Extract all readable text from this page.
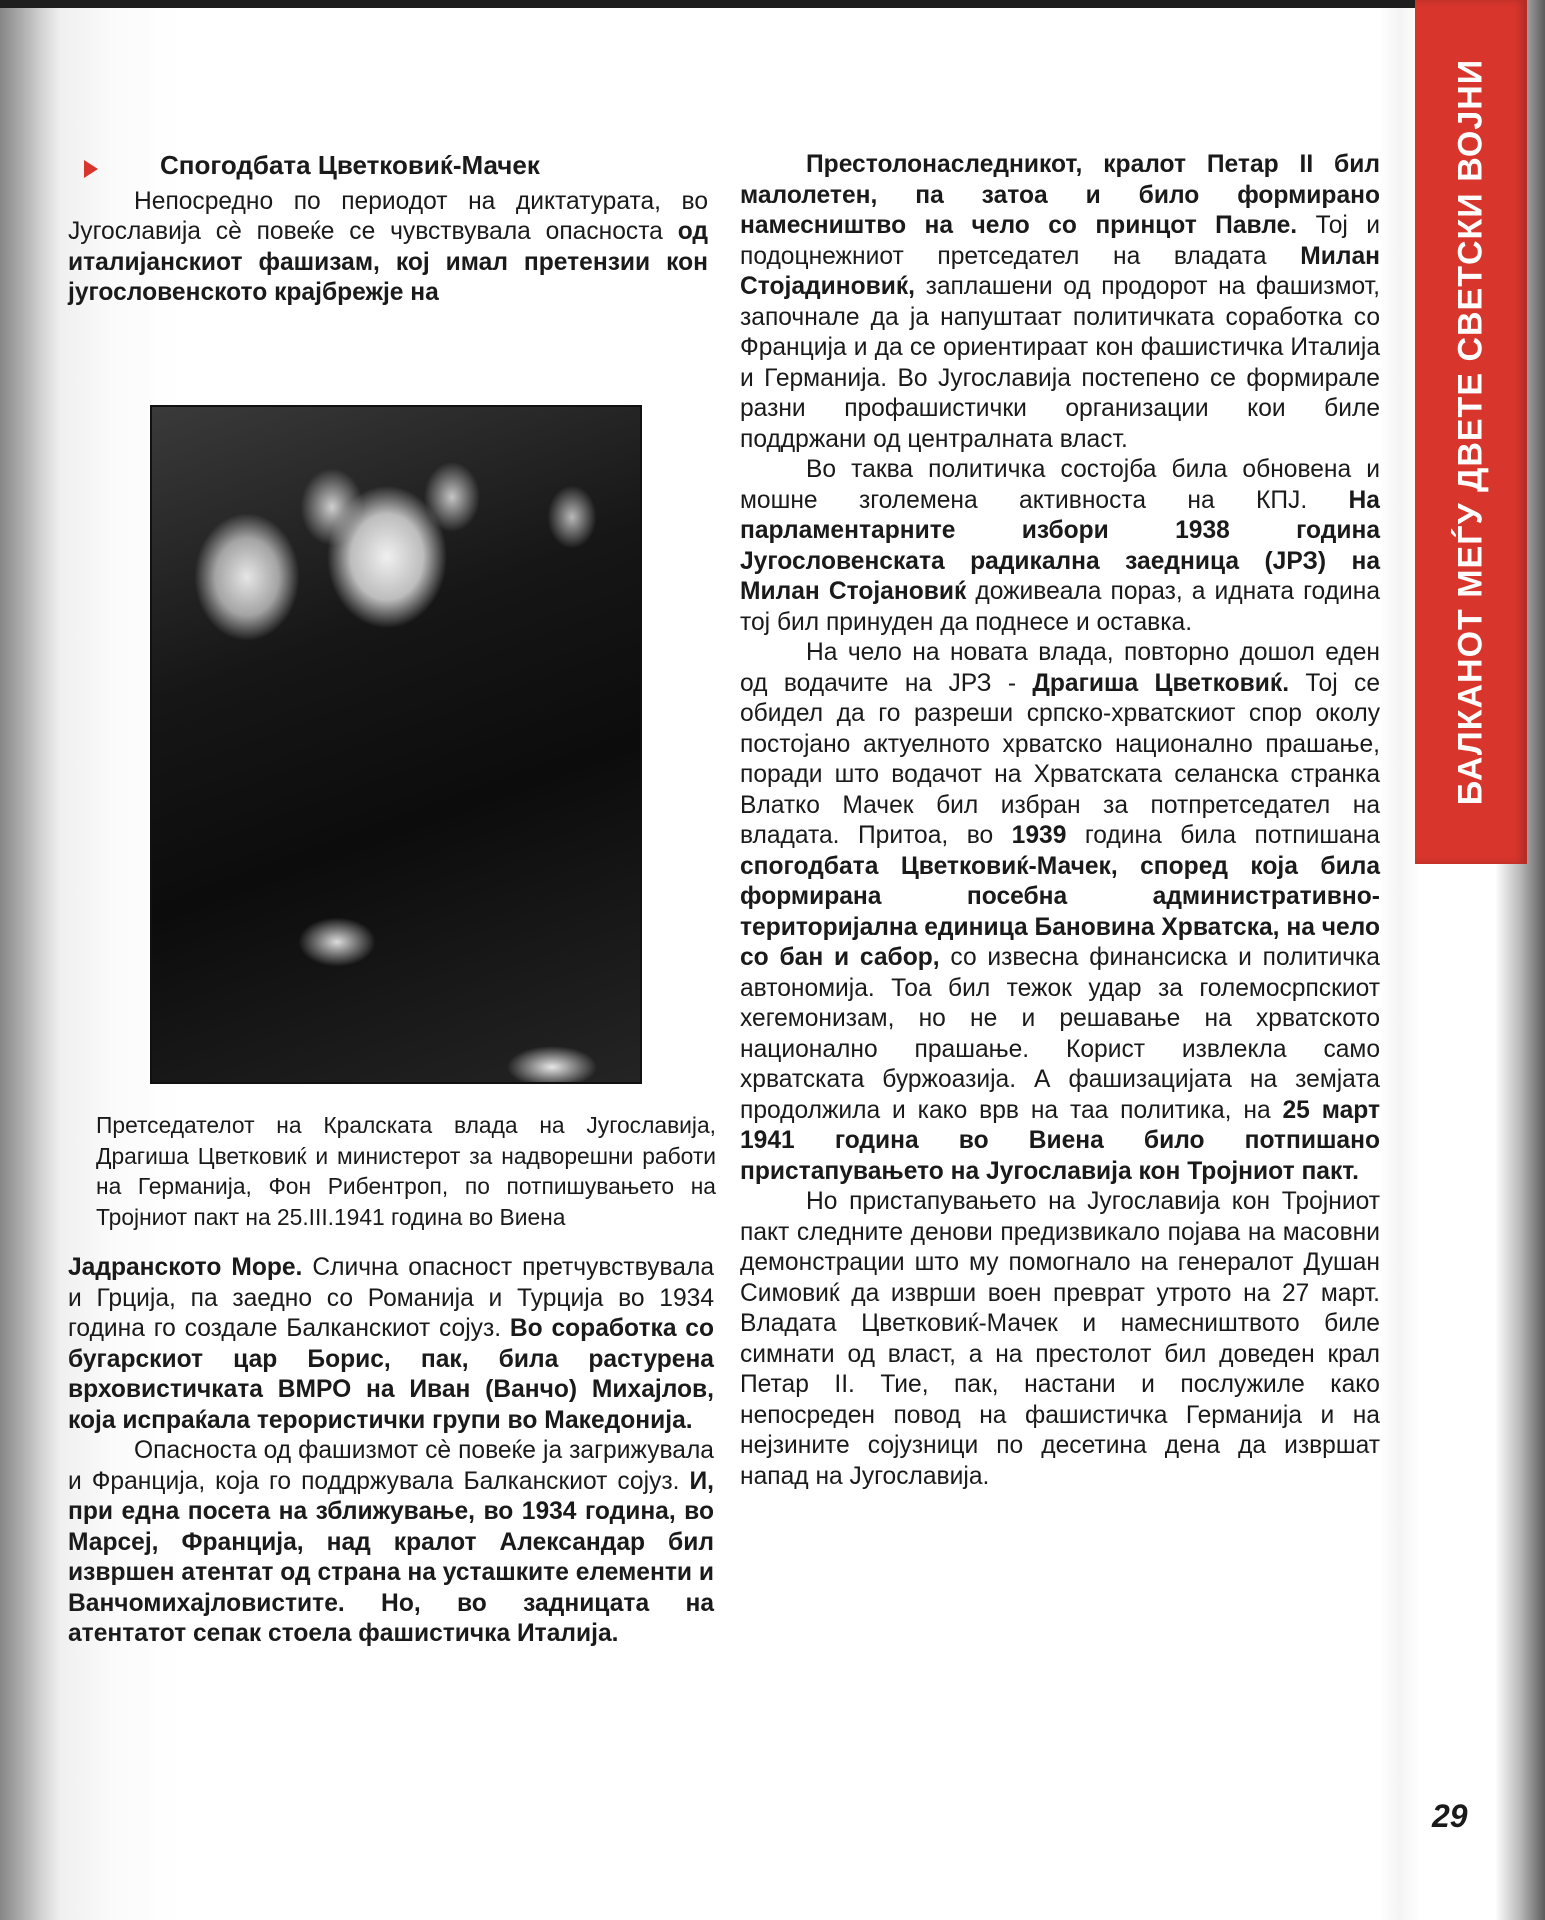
БАЛКАНОТ МЕЃУ ДВЕТЕ СВЕТСКИ ВОЈНИ
Спогодбата Цветковиќ-Мачек

Непосредно по периодот на диктатурата, во Југославија сè повеќе се чувствувала опасноста од италијанскиот фашизам, кој имал претензии кон југословенското крајбрежје на

Претседателот на Кралската влада на Југославија, Драгиша Цветковиќ и министерот за надворешни работи на Германија, Фон Рибентроп, по потпишувањето на Тројниот пакт на 25.III.1941 година во Виена

Јадранското Море. Слична опасност претчувствувала и Грција, па заедно со Романија и Турција во 1934 година го создале Балканскиот сојуз. Во соработка со бугарскиот цар Борис, пак, била растурена врховистичката ВМРО на Иван (Ванчо) Михајлов, која испраќала терористички групи во Македонија.

Опасноста од фашизмот сè повеќе ја загрижувала и Франција, која го поддржувала Балканскиот сојуз. И, при една посета на зближување, во 1934 година, во Марсеј, Франција, над кралот Александар бил извршен атентат од страна на усташките елементи и Ванчомихајловистите. Но, во задницата на атентатот сепак стоела фашистичка Италија.

Престолонаследникот, кралот Петар II бил малолетен, па затоа и било формирано намесништво на чело со принцот Павле. Тој и подоцнежниот претседател на владата Милан Стојадиновиќ, заплашени од продорот на фашизмот, започнале да ја напуштаат политичката соработка со Франција и да се ориентираат кон фашистичка Италија и Германија. Во Југославија постепено се формирале разни профашистички организации кои биле поддржани од централната власт.

Во таква политичка состојба била обновена и мошне зголемена активноста на КПЈ. На парламентарните избори 1938 година Југословенската радикална заедница (ЈРЗ) на Милан Стојановиќ доживеала пораз, а идната година тој бил принуден да поднесе и оставка.

На чело на новата влада, повторно дошол еден од водачите на ЈРЗ - Драгиша Цветковиќ. Тој се обидел да го разреши српско-хрватскиот спор околу постојано актуелното хрватско национално прашање, поради што водачот на Хрватската селанска странка Влатко Мачек бил избран за потпретседател на владата. Притоа, во 1939 година била потпишана спогодбата Цветковиќ-Мачек, според која била формирана посебна административно-територијална единица Бановина Хрватска, на чело со бан и сабор, со извесна финансиска и политичка автономија. Тоа бил тежок удар за големосрпскиот хегемонизам, но не и решавање на хрватското национално прашање. Корист извлекла само хрватската буржоазија. А фашизацијата на земјата продолжила и како врв на таа политика, на 25 март 1941 година во Виена било потпишано пристапувањето на Југославија кон Тројниот пакт.

Но пристапувањето на Југославија кон Тројниот пакт следните денови предизвикало појава на масовни демонстрации што му помогнало на генералот Душан Симовиќ да изврши воен преврат утрото на 27 март. Владата Цветковиќ-Мачек и намесништвото биле симнати од власт, а на престолот бил доведен крал Петар II. Тие, пак, настани и послужиле како непосреден повод на фашистичка Германија и на нејзините сојузници по десетина дена да извршат напад на Југославија.

29
